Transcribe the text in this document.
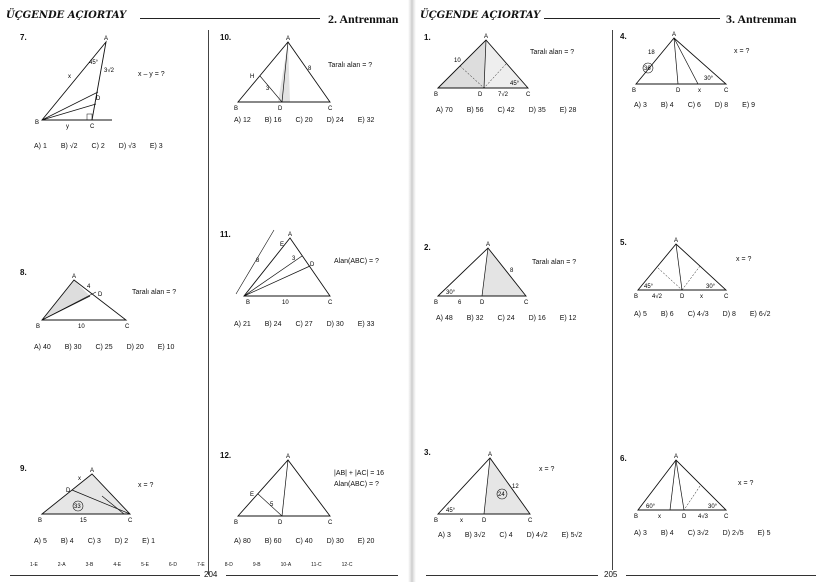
ÜÇGENDE AÇIORTAY	2. Antrenman ÜÇGENDE AÇIORTAY	3. Antrenman
7.	A
B
C
D
45°
x
y
3√2	x – y = ?
A) 1 B) √2 C) 2 D) √3 E) 3
8.	A
B	C
D
4
10
Taralı alan = ?
A) 40 B) 30 C) 25 D) 20 E) 10
9.
33
A
B	C
D
x
15
x = ?
A) 5 B) 4 C) 3 D) 2 E) 1
10.	A
B	C
D
H
8
3
Taralı alan = ?
A) 12 B) 16 C) 20 D) 24 E) 32
11.	A
B	C
D
E
8	3
10
Alan(ABC) = ?
A) 21 B) 24 C) 27 D) 30 E) 33
12.	A
B	C
D
E
5
|AB| + |AC| = 16
Alan(ABC) = ?
A) 80 B) 60 C) 40 D) 30 E) 20
1-E	2-A	3-B	4-E	5-E	6-D	7-E	8-D	9-B	10-A	11-C	12-C
204
1.	A
B	C
D
10
45°
7√2
Taralı alan = ?
A) 70 B) 56 C) 42 D) 35 E) 28
2.	A
B	C
D
30°
6
8
Taralı alan = ?
A) 48 B) 32 C) 24 D) 16 E) 12
3.
24
A
B	C
D
45°
x
12
x = ?
A) 3 B) 3√2 C) 4 D) 4√2 E) 5√2
4.
36
A
B	C
D
18
30°
x
x = ?
A) 3 B) 4 C) 6 D) 8 E) 9
5.	A
B	C
D
45°	30°
4√2	x
x = ?
A) 5 B) 6 C) 4√3 D) 8 E) 6√2
6.	A
B	C
D
60°	30°
x	4√3
x = ?
A) 3 B) 4 C) 3√2 D) 2√5 E) 5
205
